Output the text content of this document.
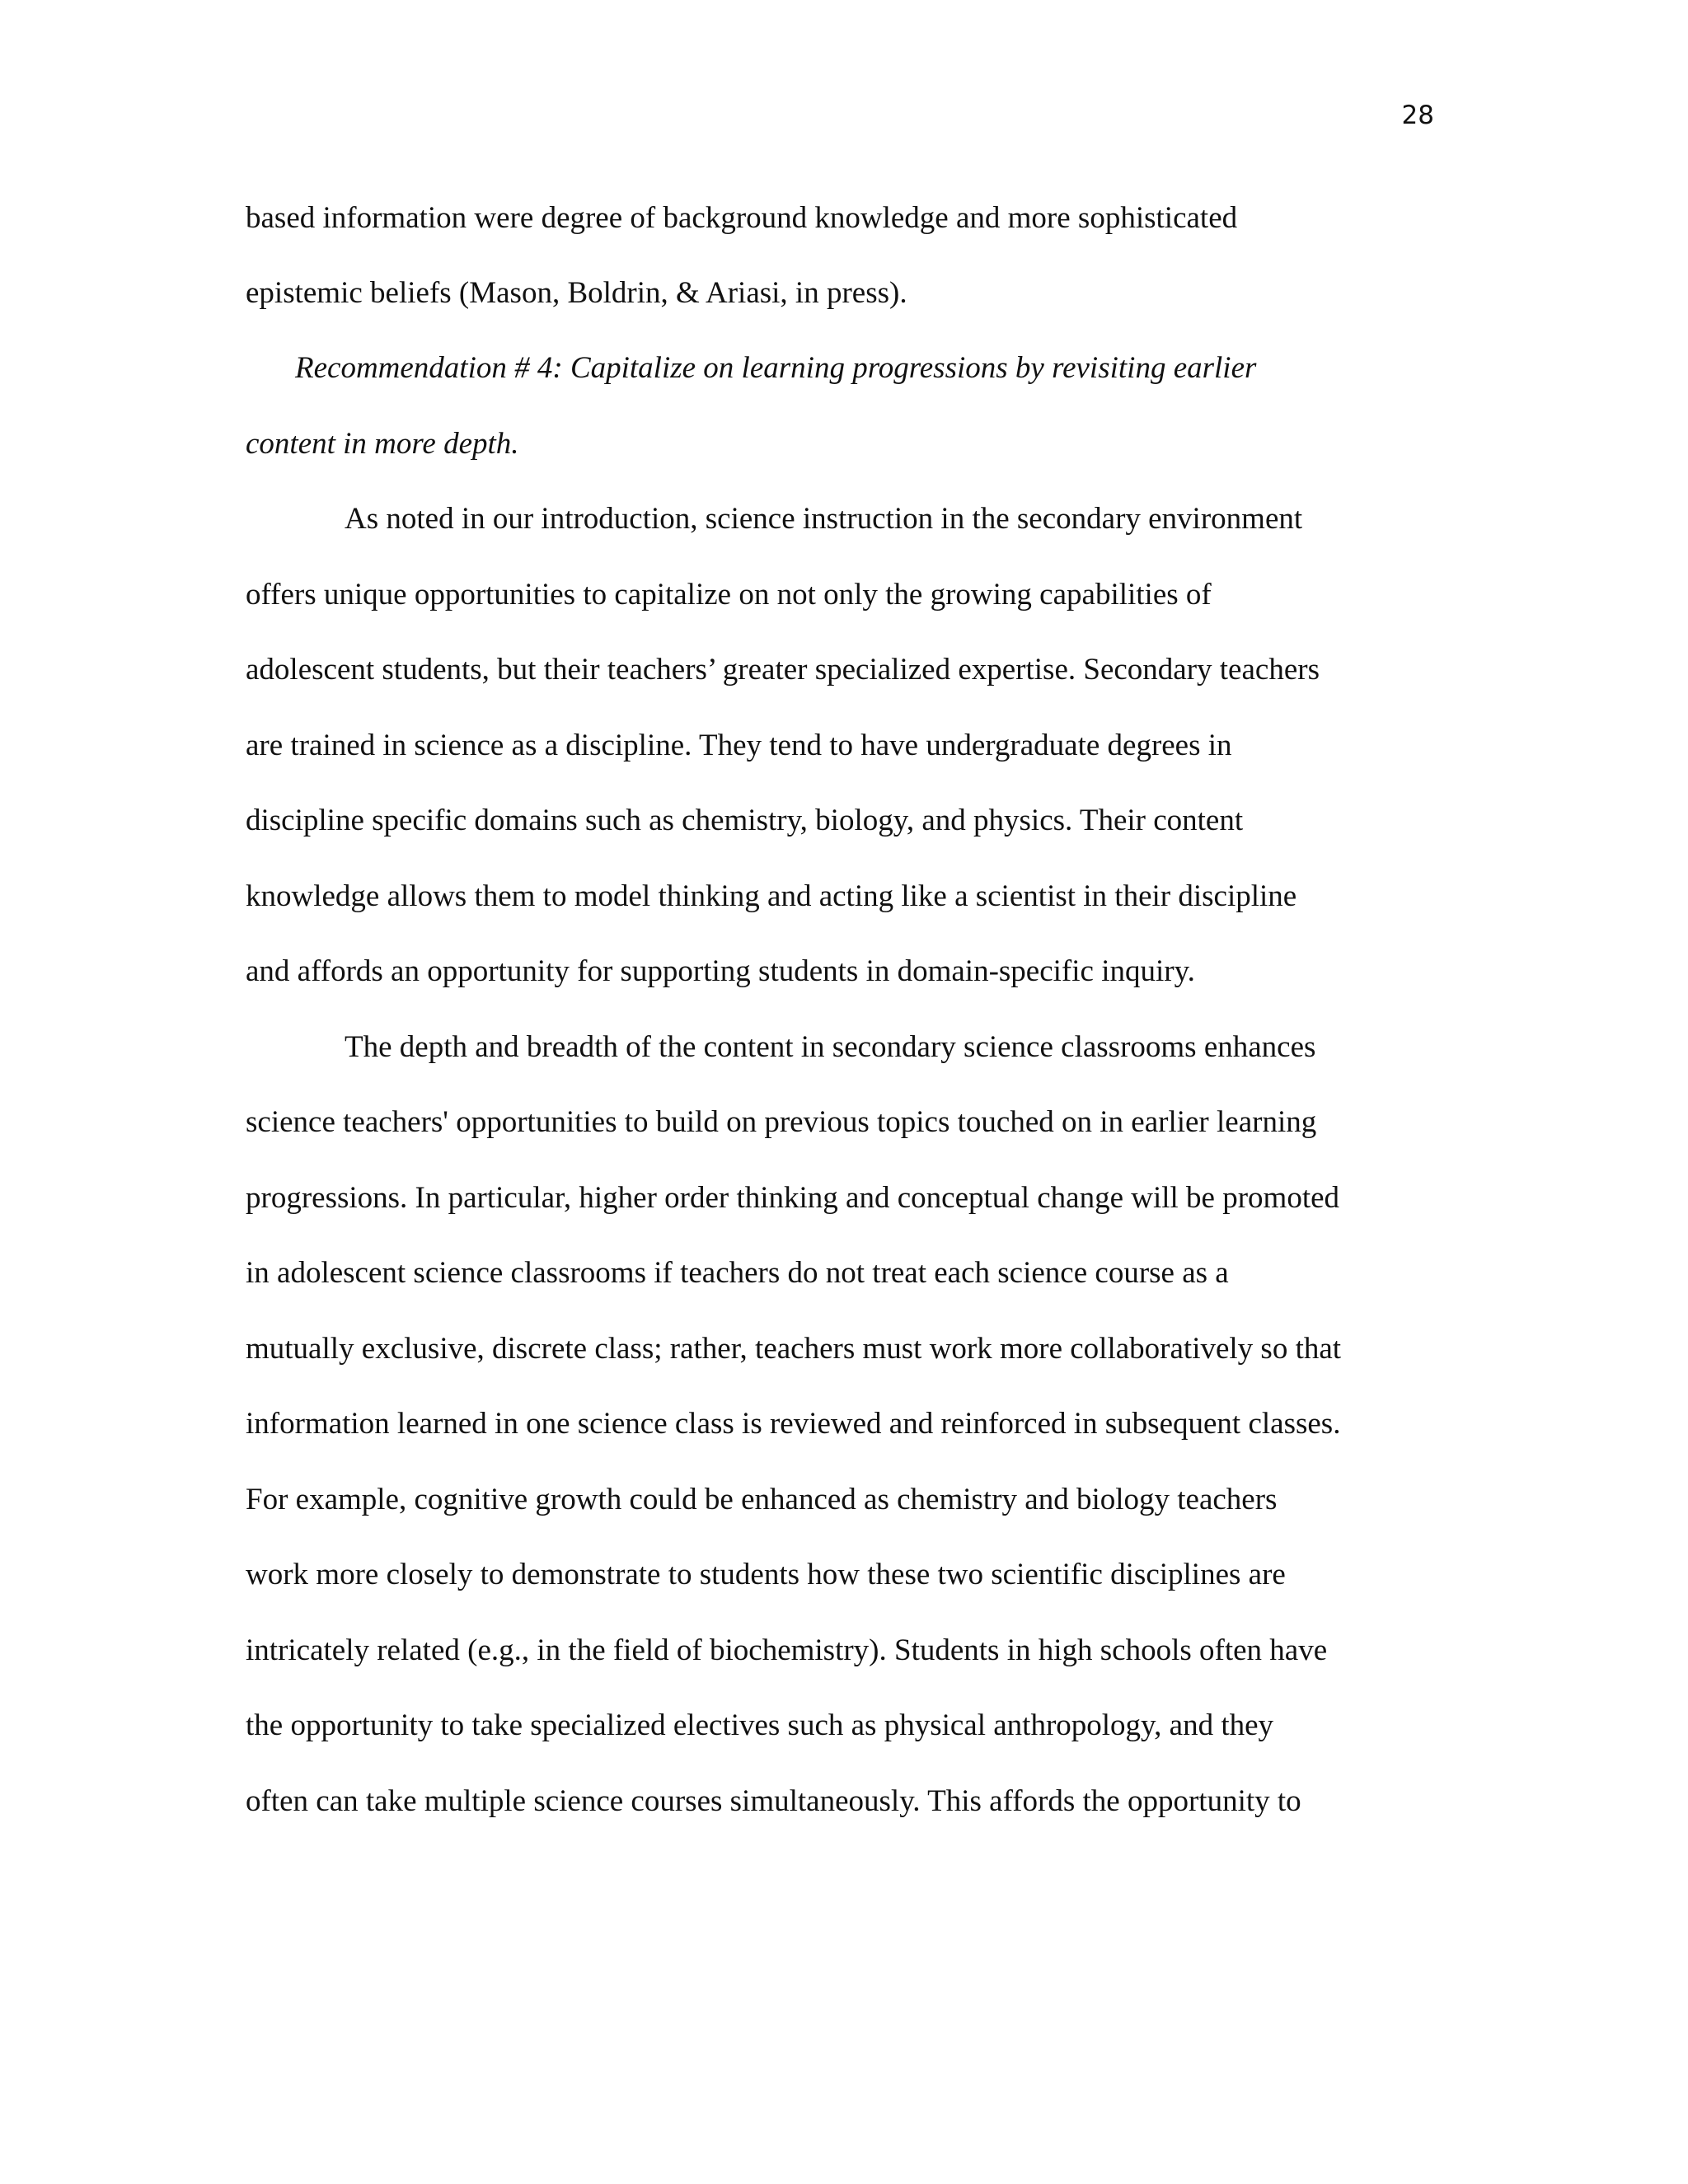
28
based information were degree of background knowledge and more sophisticated
epistemic beliefs (Mason, Boldrin, & Ariasi, in press).
Recommendation # 4: Capitalize on learning progressions by revisiting earlier
content in more depth.
As noted in our introduction, science instruction in the secondary environment
offers unique opportunities to capitalize on not only the growing capabilities of
adolescent students, but their teachers’ greater specialized expertise. Secondary teachers
are trained in science as a discipline. They tend to have undergraduate degrees in
discipline specific domains such as chemistry, biology, and physics. Their content
knowledge allows them to model thinking and acting like a scientist in their discipline
and affords an opportunity for supporting students in domain-specific inquiry.
The depth and breadth of the content in secondary science classrooms enhances
science teachers' opportunities to build on previous topics touched on in earlier learning
progressions. In particular, higher order thinking and conceptual change will be promoted
in adolescent science classrooms if teachers do not treat each science course as a
mutually exclusive, discrete class; rather, teachers must work more collaboratively so that
information learned in one science class is reviewed and reinforced in subsequent classes.
For example, cognitive growth could be enhanced as chemistry and biology teachers
work more closely to demonstrate to students how these two scientific disciplines are
intricately related (e.g., in the field of biochemistry). Students in high schools often have
the opportunity to take specialized electives such as physical anthropology, and they
often can take multiple science courses simultaneously. This affords the opportunity to
